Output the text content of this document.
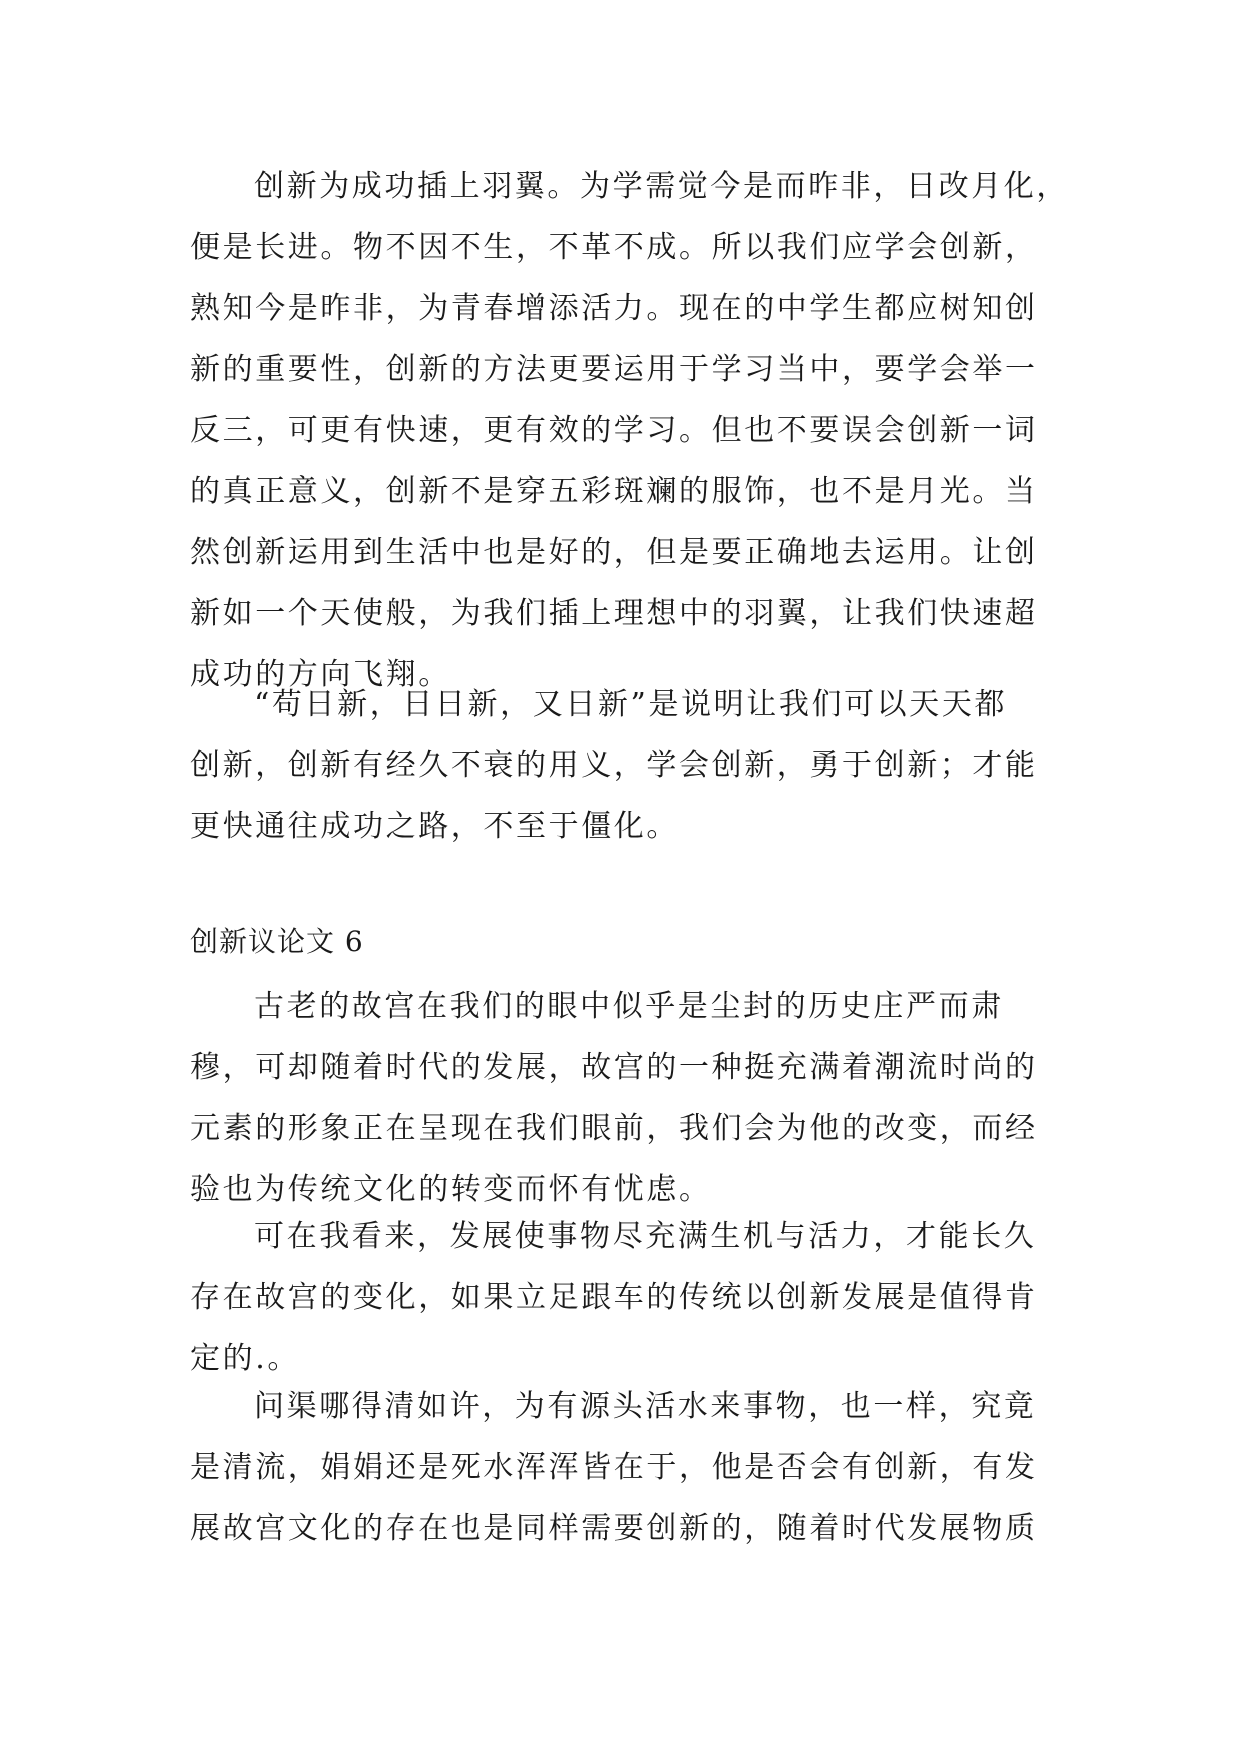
创新为成功插上羽翼。为学需觉今是而昨非，日改月化，
便是长进。物不因不生，不革不成。所以我们应学会创新，
熟知今是昨非，为青春增添活力。现在的中学生都应树知创
新的重要性，创新的方法更要运用于学习当中，要学会举一
反三，可更有快速，更有效的学习。但也不要误会创新一词
的真正意义，创新不是穿五彩斑斓的服饰，也不是月光。当
然创新运用到生活中也是好的，但是要正确地去运用。让创
新如一个天使般，为我们插上理想中的羽翼，让我们快速超
成功的方向飞翔。
“苟日新，日日新，又日新”是说明让我们可以天天都
创新，创新有经久不衰的用义，学会创新，勇于创新；才能
更快通往成功之路，不至于僵化。
创新议论文 6
古老的故宫在我们的眼中似乎是尘封的历史庄严而肃
穆，可却随着时代的发展，故宫的一种挺充满着潮流时尚的
元素的形象正在呈现在我们眼前，我们会为他的改变，而经
验也为传统文化的转变而怀有忧虑。
可在我看来，发展使事物尽充满生机与活力，才能长久
存在故宫的变化，如果立足跟车的传统以创新发展是值得肯
定的.。
问渠哪得清如许，为有源头活水来事物，也一样，究竟
是清流，娟娟还是死水浑浑皆在于，他是否会有创新，有发
展故宫文化的存在也是同样需要创新的，随着时代发展物质
